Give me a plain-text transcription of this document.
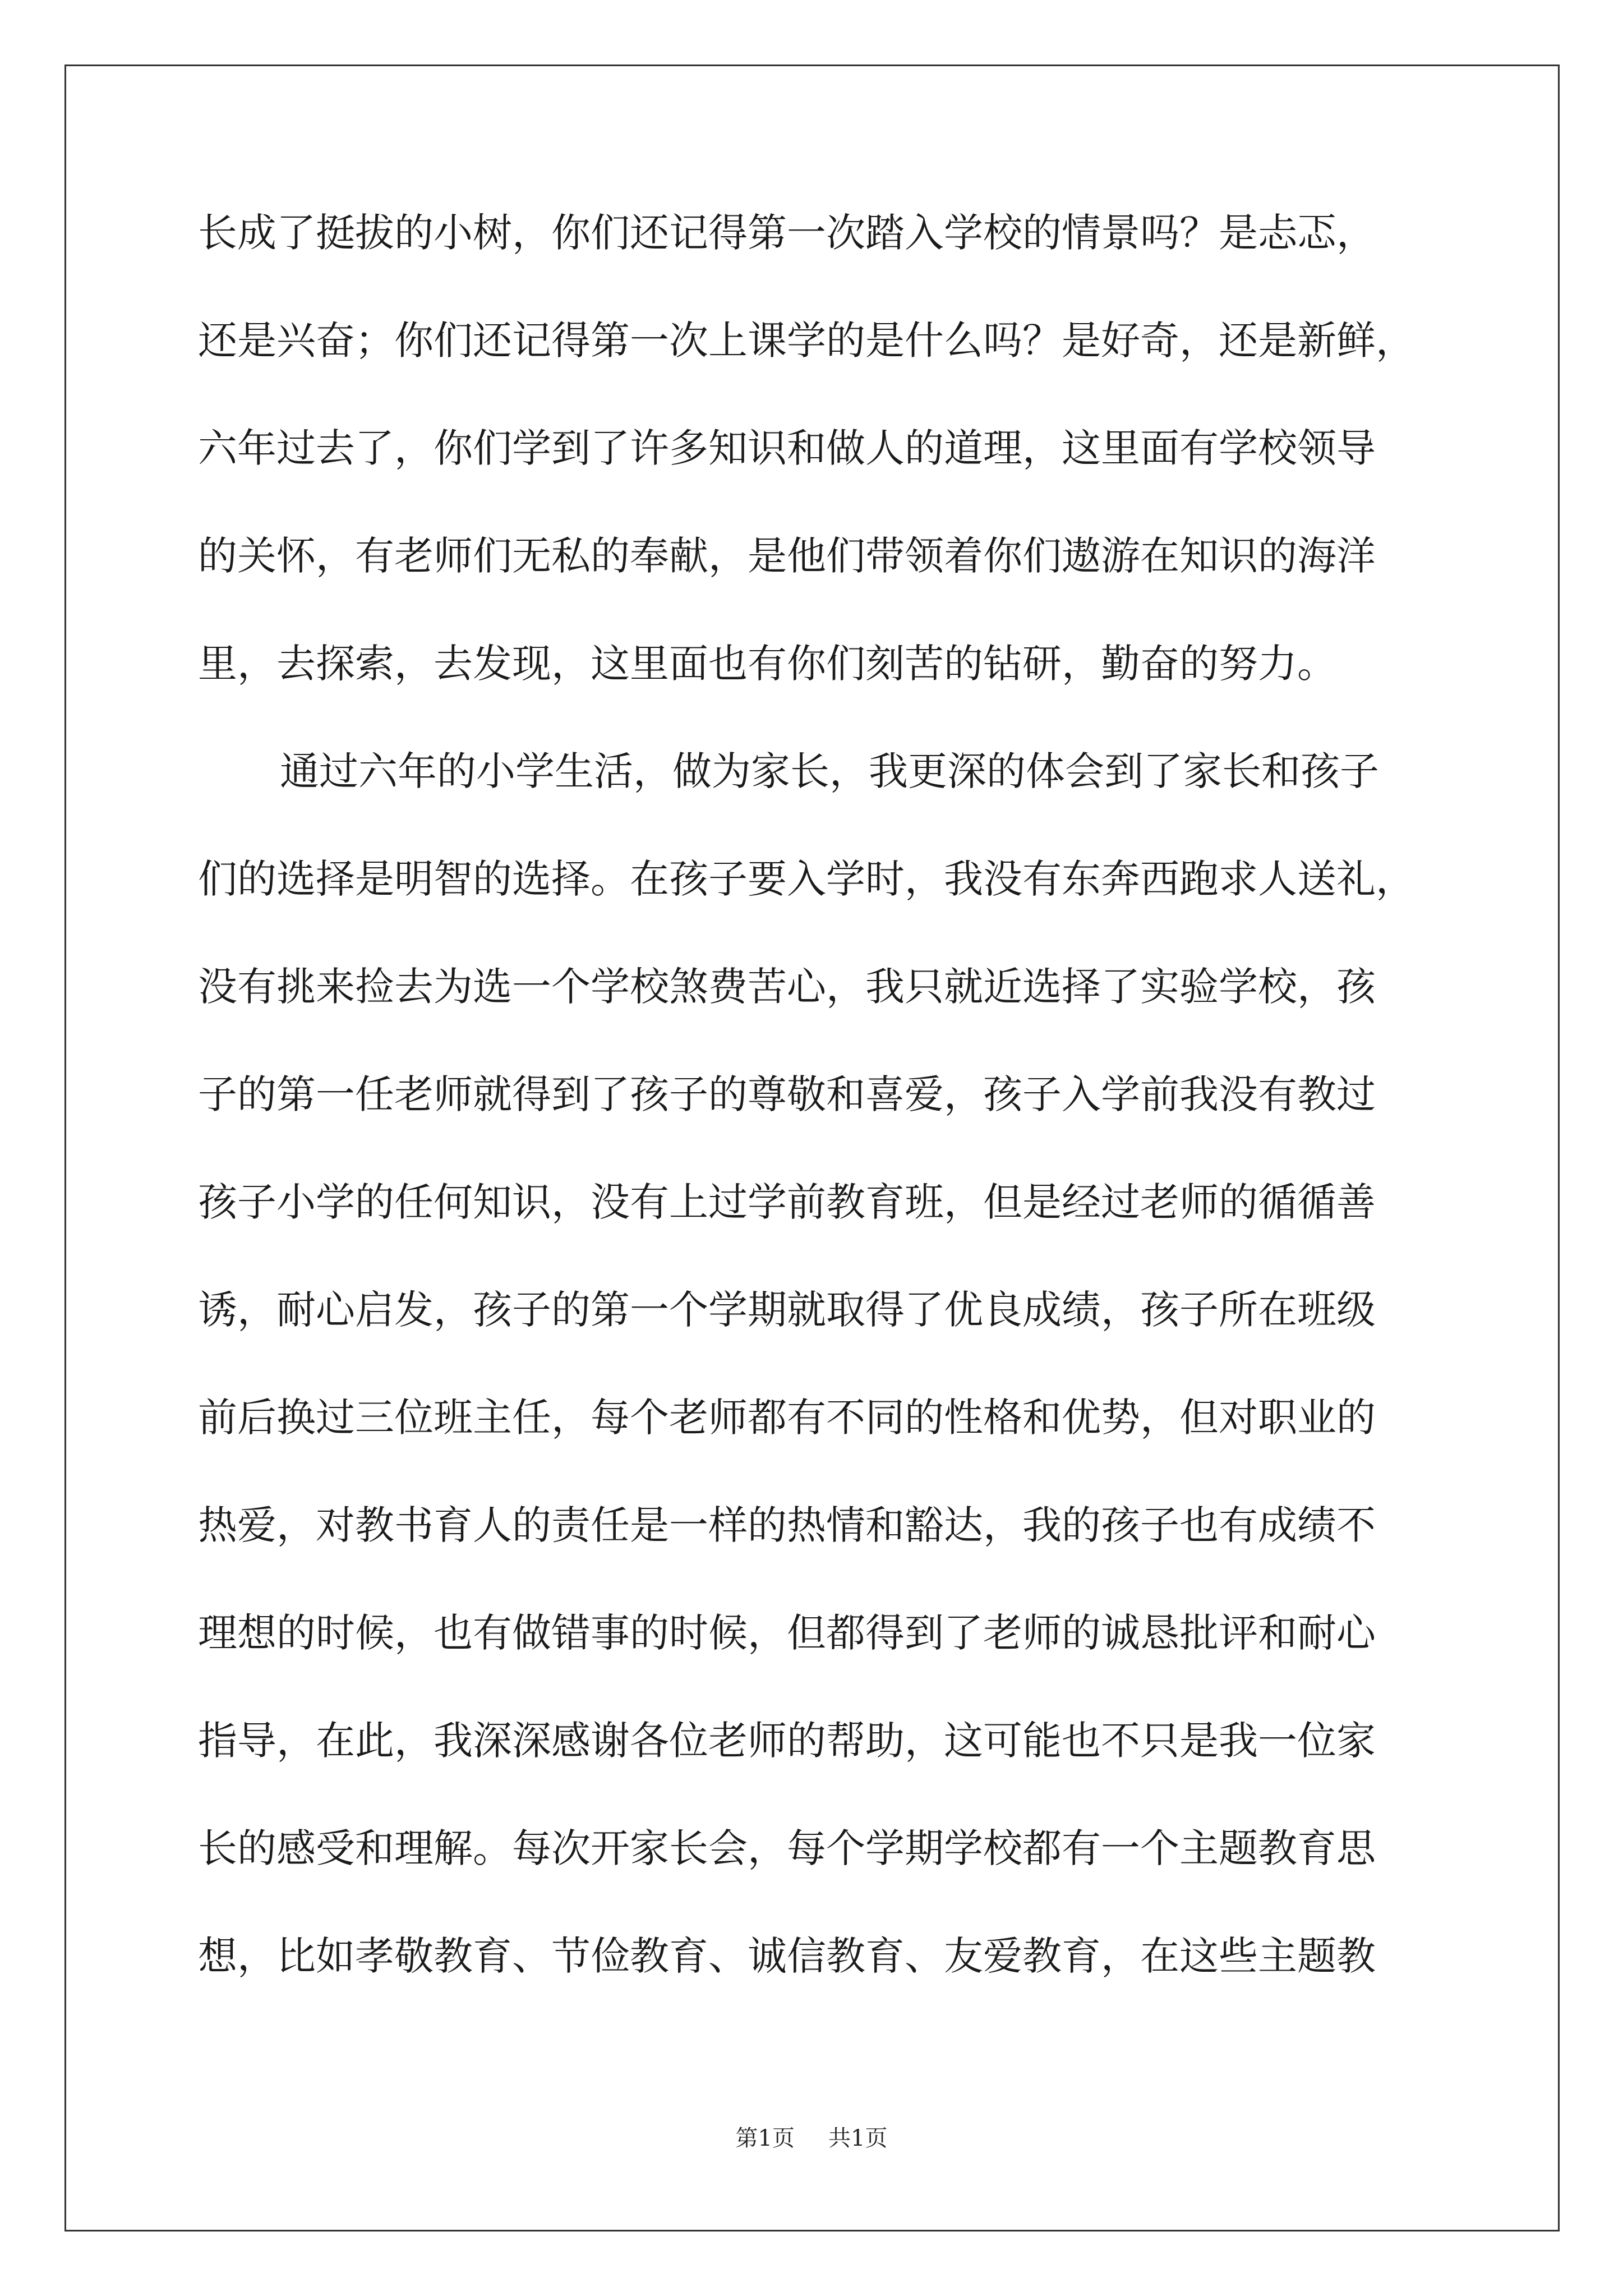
长成了挺拔的小树，你们还记得第一次踏入学校的情景吗？是忐忑，
还是兴奋；你们还记得第一次上课学的是什么吗？是好奇，还是新鲜，
六年过去了，你们学到了许多知识和做人的道理，这里面有学校领导
的关怀，有老师们无私的奉献，是他们带领着你们遨游在知识的海洋
里，去探索，去发现，这里面也有你们刻苦的钻研，勤奋的努力。
通过六年的小学生活，做为家长，我更深的体会到了家长和孩子
们的选择是明智的选择。在孩子要入学时，我没有东奔西跑求人送礼，
没有挑来捡去为选一个学校煞费苦心，我只就近选择了实验学校，孩
子的第一任老师就得到了孩子的尊敬和喜爱，孩子入学前我没有教过
孩子小学的任何知识，没有上过学前教育班，但是经过老师的循循善
诱，耐心启发，孩子的第一个学期就取得了优良成绩，孩子所在班级
前后换过三位班主任，每个老师都有不同的性格和优势，但对职业的
热爱，对教书育人的责任是一样的热情和豁达，我的孩子也有成绩不
理想的时候，也有做错事的时候，但都得到了老师的诚恳批评和耐心
指导，在此，我深深感谢各位老师的帮助，这可能也不只是我一位家
长的感受和理解。每次开家长会，每个学期学校都有一个主题教育思
想，比如孝敬教育、节俭教育、诚信教育、友爱教育，在这些主题教
第1页 共1页
